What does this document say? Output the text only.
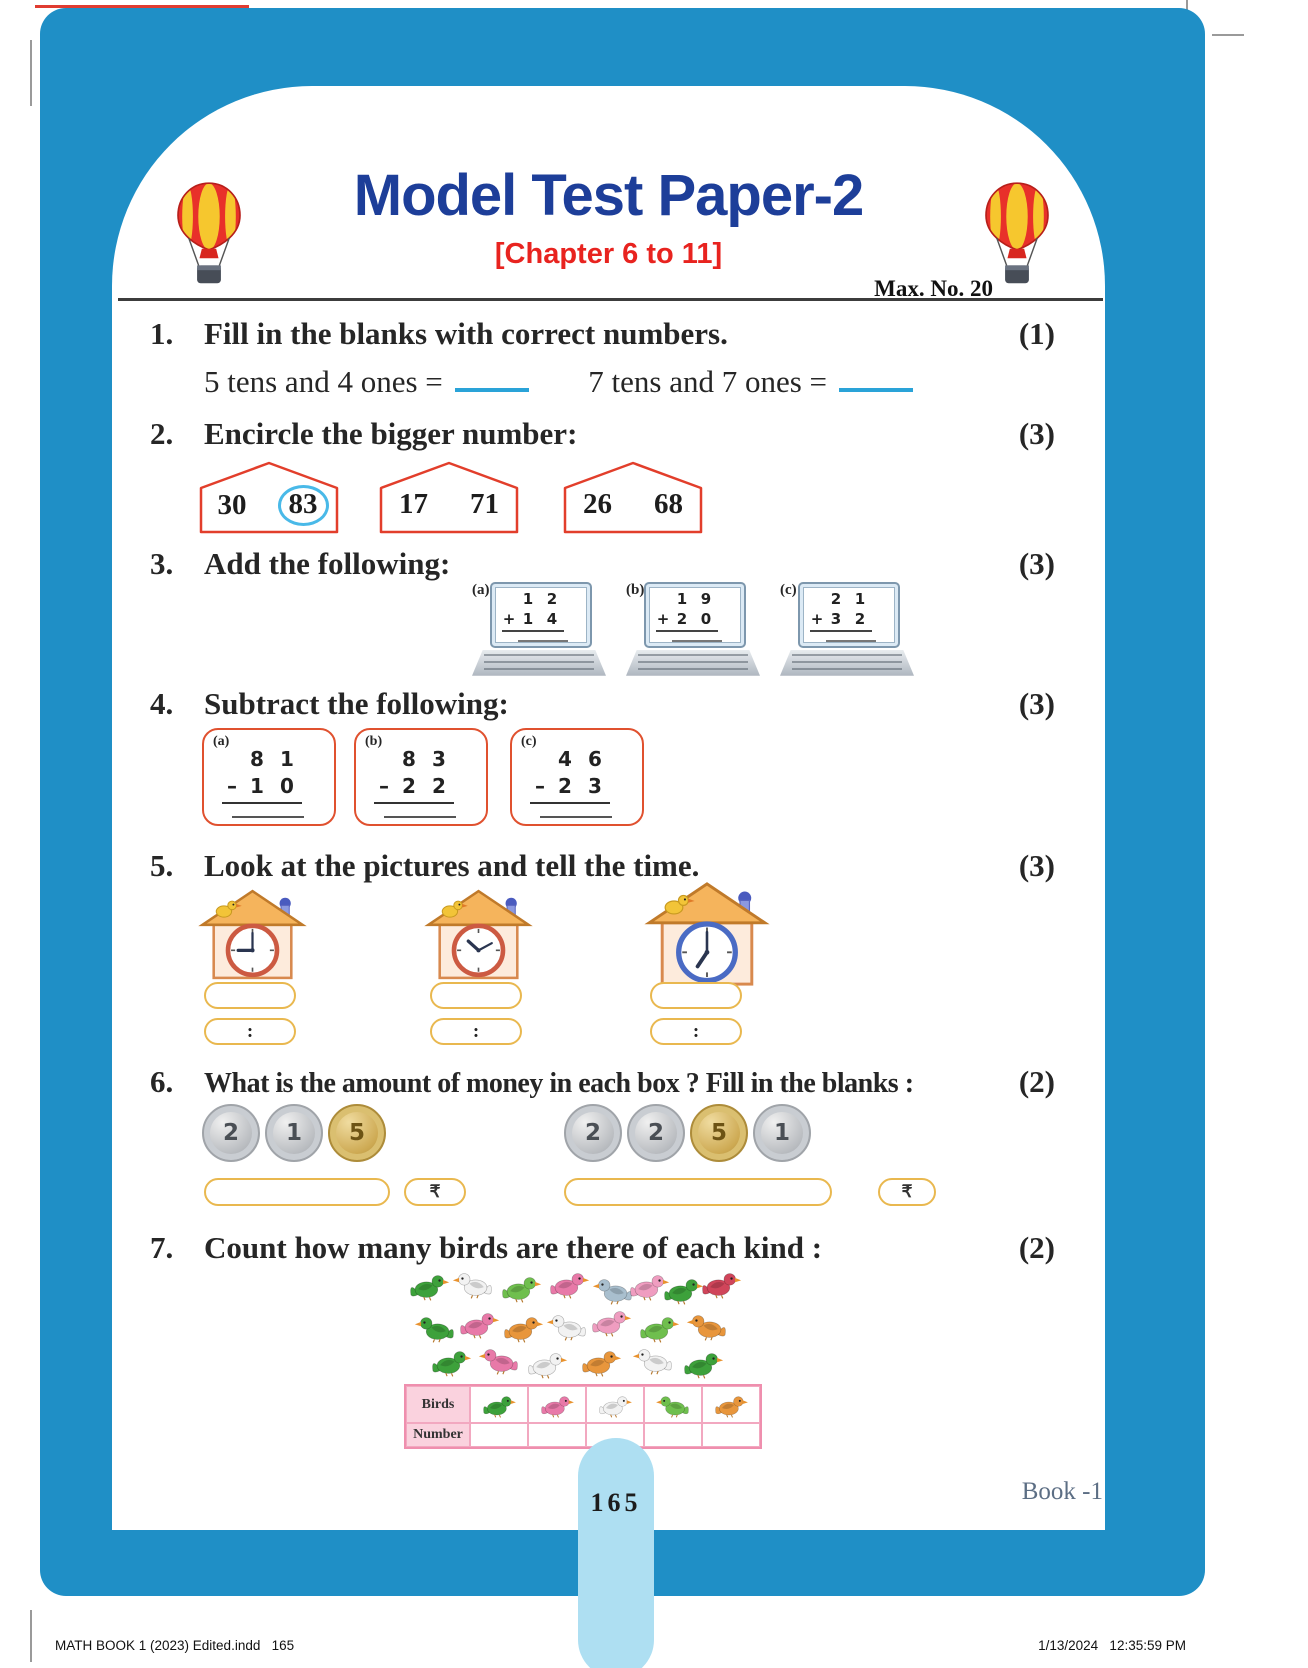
Model Test Paper-2
[Chapter 6 to 11]
Max. No. 20
1. Fill in the blanks with correct numbers.	(1)
5 tens and 4 ones =	7 tens and 7 ones =
2. Encircle the bigger number:	(3)
30	83	17 71	26 68
3. Add the following:	(3)
(a) 1 2
+ 1 4
(b) 1 9
+ 2 0
(c) 2 1
+ 3 2
4. Subtract the following:	(3)
(a)
8 1
– 1 0
(b)
8 3
– 2 2
(c)
4 6
– 2 3
5. Look at the pictures and tell the time.	(3)
:	:	:
6.	What is the amount of money in each box ? Fill in the blanks :	(2)
2 1 5	2 2 5 1
₹	₹
7. Count how many birds are there of each kind :	(2)
Birds
Number
Book -1
165
MATH BOOK 1 (2023) Edited.indd   165	1/13/2024   12:35:59 PM
